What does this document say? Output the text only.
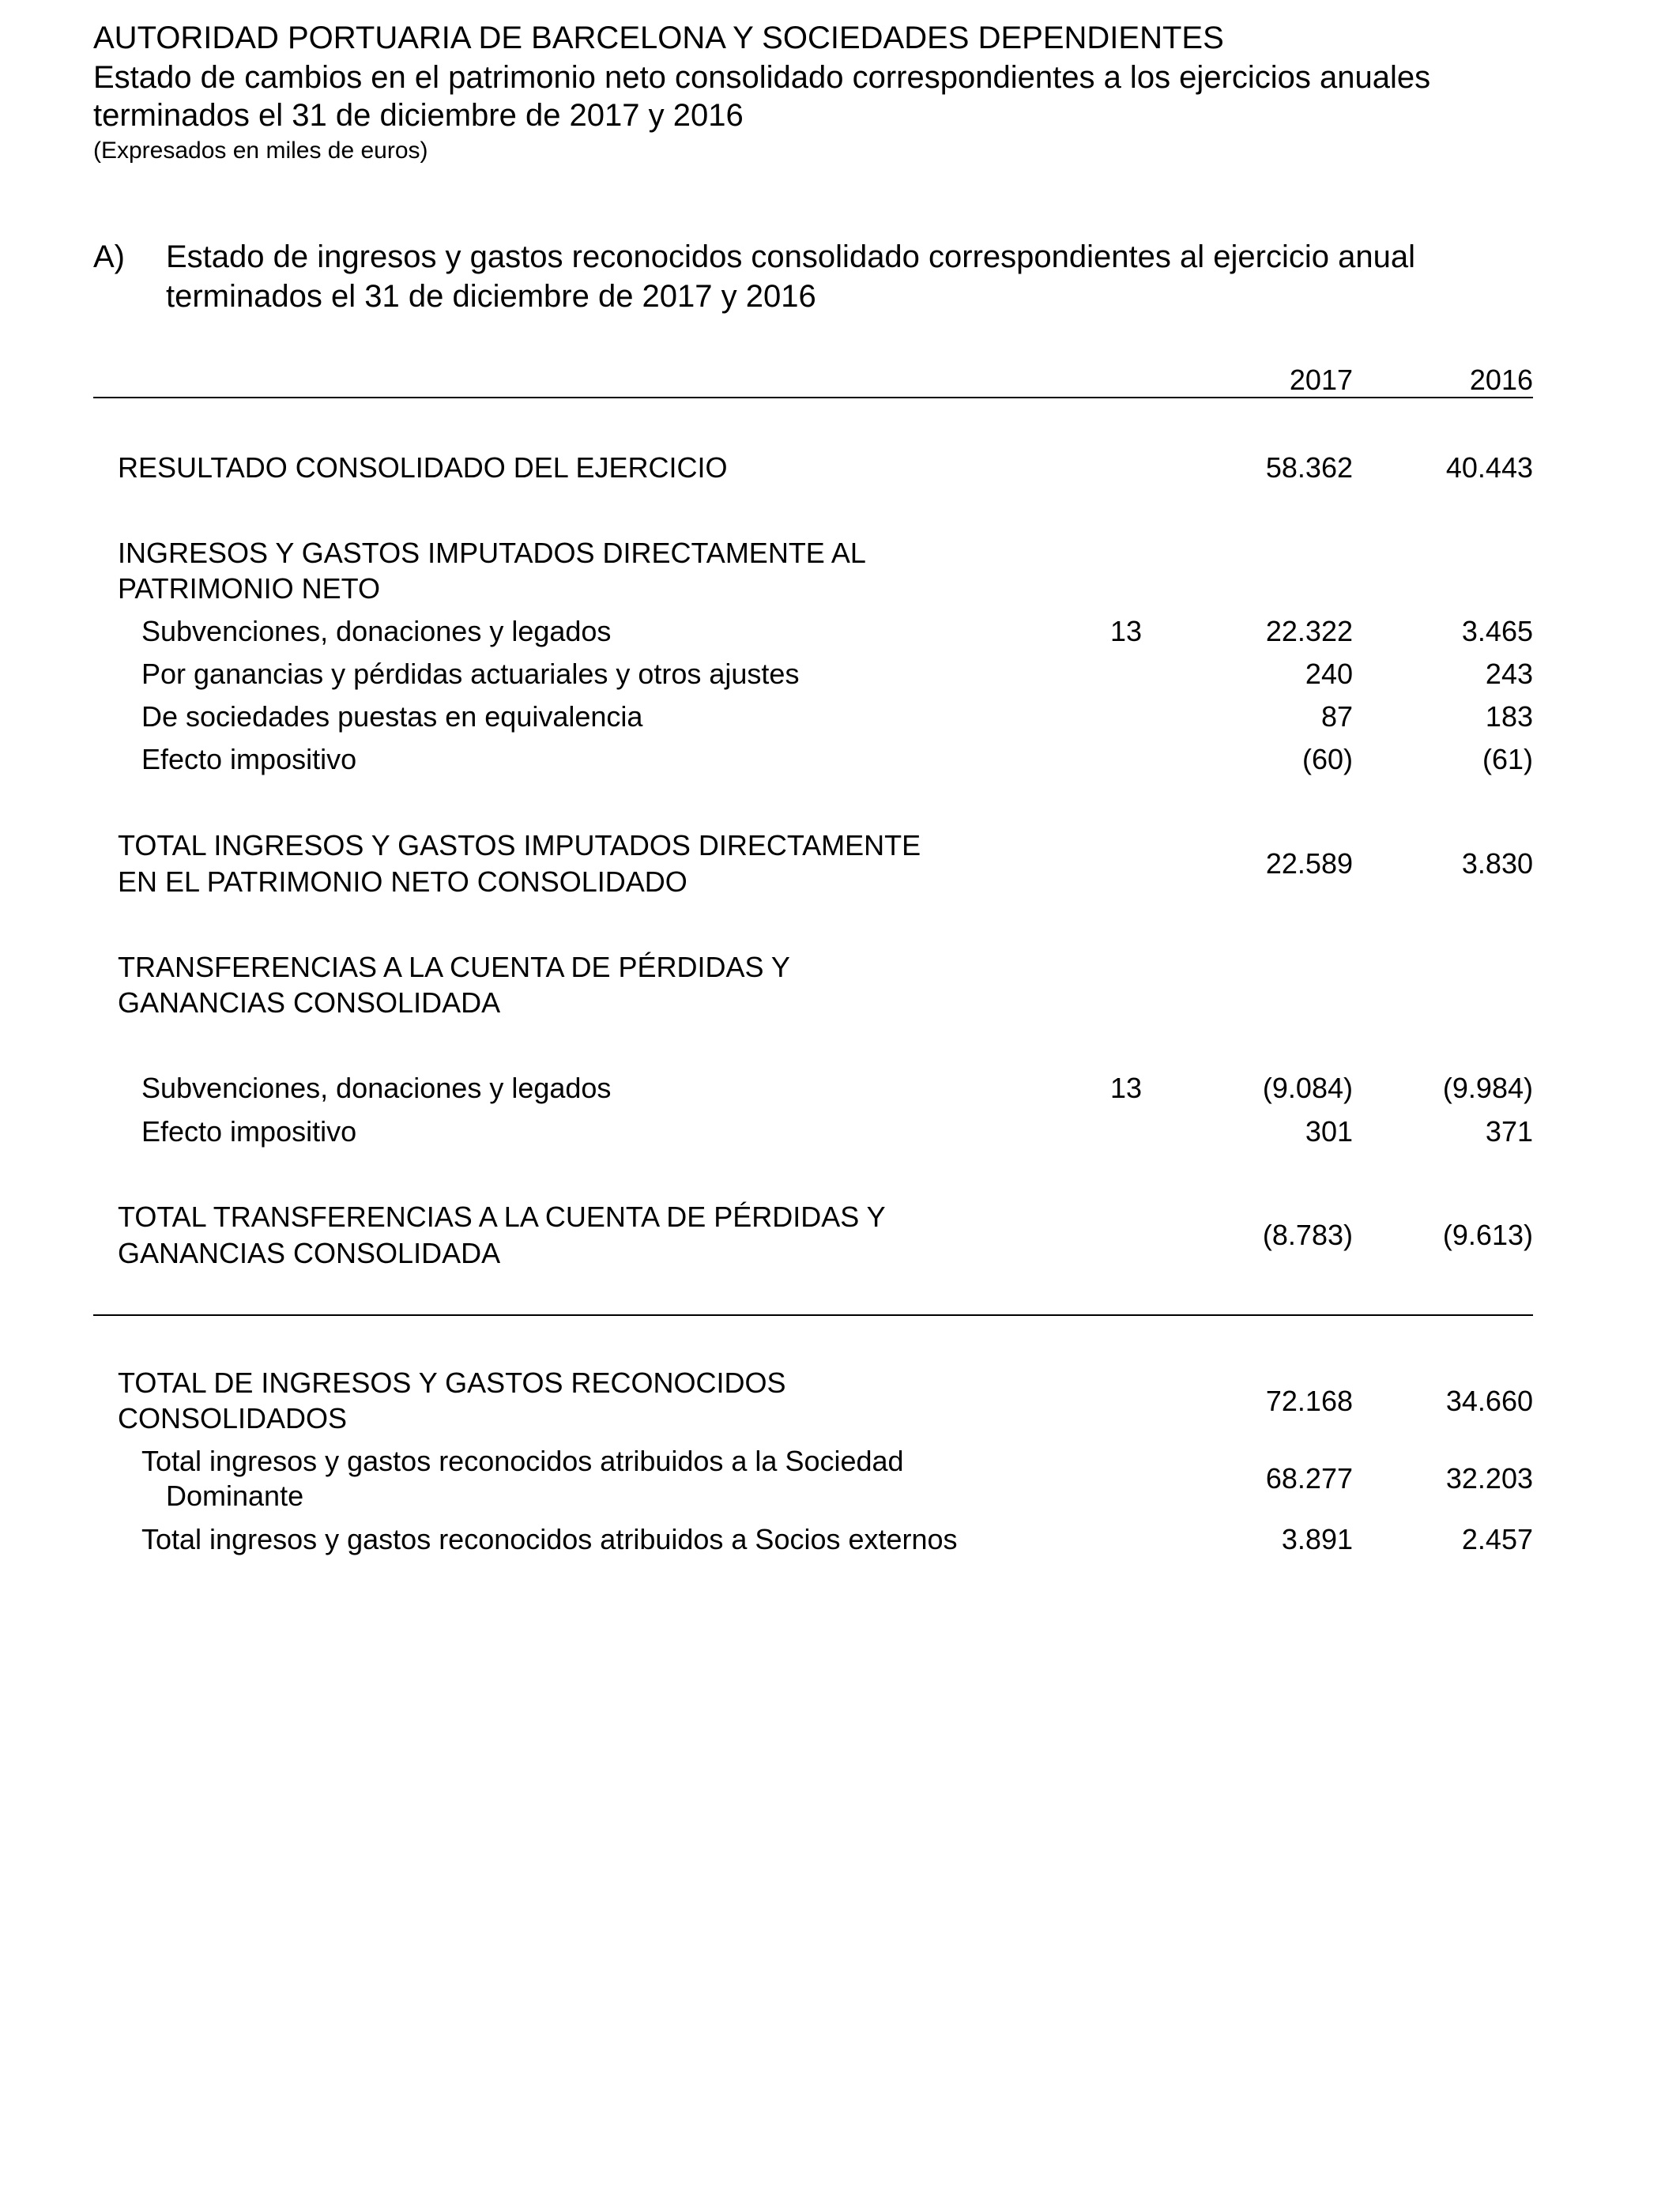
AUTORIDAD PORTUARIA DE BARCELONA Y SOCIEDADES DEPENDIENTES
Estado de cambios en el patrimonio neto consolidado correspondientes a los ejercicios anuales
terminados el 31 de diciembre de 2017 y 2016
(Expresados en miles de euros)
A) Estado de ingresos y gastos reconocidos consolidado correspondientes al ejercicio anual
terminados el 31 de diciembre de 2017 y 2016
2017	2016
RESULTADO CONSOLIDADO DEL EJERCICIO	58.362	40.443
INGRESOS Y GASTOS IMPUTADOS DIRECTAMENTE AL
PATRIMONIO NETO
Subvenciones, donaciones y legados	13	22.322	3.465
Por ganancias y pérdidas actuariales y otros ajustes	240	243
De sociedades puestas en equivalencia	87	183
Efecto impositivo	(60)	(61)
TOTAL INGRESOS Y GASTOS IMPUTADOS DIRECTAMENTE
EN EL PATRIMONIO NETO CONSOLIDADO
22.589	3.830
TRANSFERENCIAS A LA CUENTA DE PÉRDIDAS Y
GANANCIAS CONSOLIDADA
Subvenciones, donaciones y legados	13	(9.084)	(9.984)
Efecto impositivo	301	371
TOTAL TRANSFERENCIAS A LA CUENTA DE PÉRDIDAS Y
GANANCIAS CONSOLIDADA
(8.783)	(9.613)
TOTAL DE INGRESOS Y GASTOS RECONOCIDOS
CONSOLIDADOS
72.168	34.660
Total ingresos y gastos reconocidos atribuidos a la Sociedad
Dominante
68.277	32.203
Total ingresos y gastos reconocidos atribuidos a Socios externos	3.891	2.457
